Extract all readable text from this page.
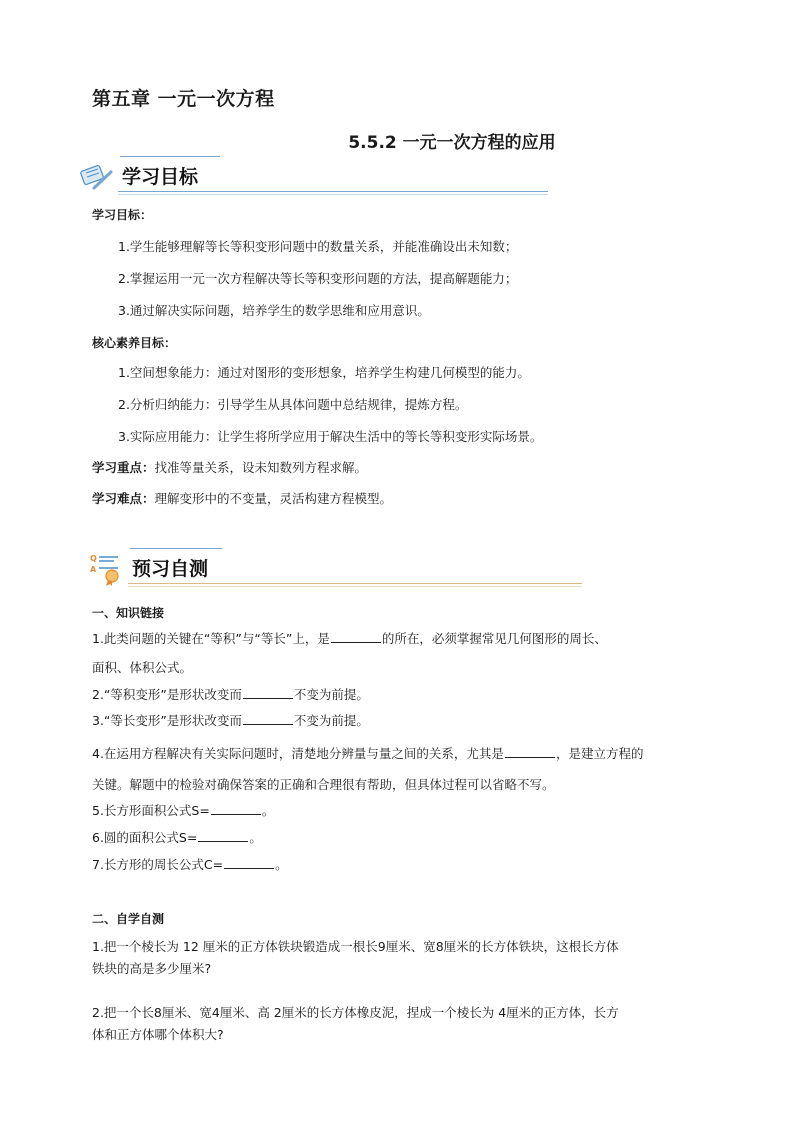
第五章 一元一次方程
5.5.2 一元一次方程的应用
学习目标
学习目标：
1.学生能够理解等长等积变形问题中的数量关系，并能准确设出未知数；
2.掌握运用一元一次方程解决等长等积变形问题的方法，提高解题能力；
3.通过解决实际问题，培养学生的数学思维和应用意识。
核心素养目标：
1.空间想象能力：通过对图形的变形想象，培养学生构建几何模型的能力。
2.分析归纳能力：引导学生从具体问题中总结规律，提炼方程。
3.实际应用能力：让学生将所学应用于解决生活中的等长等积变形实际场景。
学习重点：找准等量关系，设未知数列方程求解。
学习难点：理解变形中的不变量，灵活构建方程模型。
Q
A 预习自测
一、知识链接
1.此类问题的关键在“等积”与“等长”上，是	的所在，必须掌握常见几何图形的周长、
面积、体积公式。
2.“等积变形”是形状改变而	不变为前提。
3.“等长变形”是形状改变而	不变为前提。
4.在运用方程解决有关实际问题时，清楚地分辨量与量之间的关系，尤其是	，是建立方程的
关键。解题中的检验对确保答案的正确和合理很有帮助，但具体过程可以省略不写。
5.长方形面积公式S=	。
6.圆的面积公式S=	。
7.长方形的周长公式C=	。
二、自学自测
1.把一个棱长为 12 厘米的正方体铁块锻造成一根长9厘米、宽8厘米的长方体铁块，这根长方体
铁块的高是多少厘米?
2.把一个长8厘米、宽4厘米、高 2厘米的长方体橡皮泥，捏成一个棱长为 4厘米的正方体，长方
体和正方体哪个体积大?
